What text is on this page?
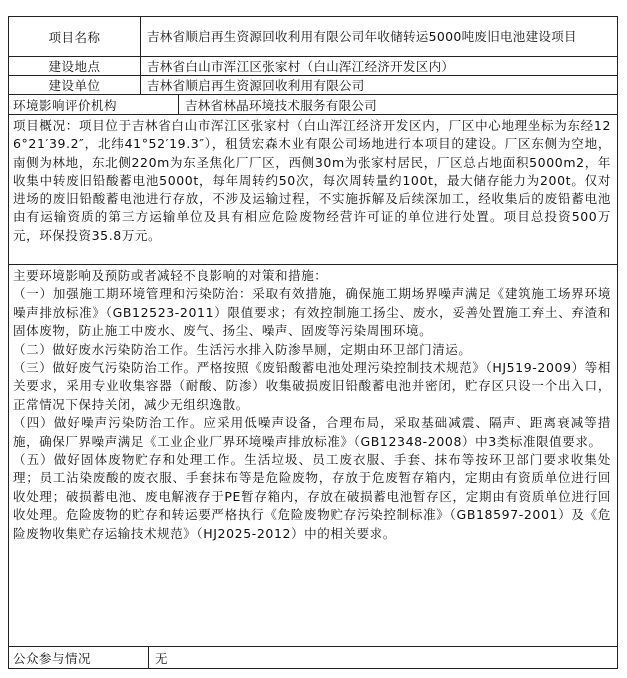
项目名称	吉林省顺启再生资源回收利用有限公司年收储转运5000吨废旧电池建设项目
建设地点	吉林省白山市浑江区张家村（白山浑江经济开发区内）
建设单位	吉林省顺启再生资源回收利用有限公司
环境影响评价机构	吉林省林晶环境技术服务有限公司
项目概况：项目位于吉林省白山市浑江区张家村（白山浑江经济开发区内，厂区中心地理坐标为东经126°21′39.2″，北纬41°52′19.3″），租赁宏森木业有限公司场地进行本项目的建设。厂区东侧为空地，南侧为林地，东北侧220m为东圣焦化厂厂区，西侧30m为张家村居民，厂区总占地面积5000m2，年收集中转废旧铅酸蓄电池5000t，每年周转约50次，每次周转量约100t，最大储存能力为200t。仅对进场的废旧铅酸蓄电池进行存放，不涉及运输过程，不实施拆解及后续深加工，经收集后的废铅蓄电池由有运输资质的第三方运输单位及具有相应危险废物经营许可证的单位进行处置。项目总投资500万元，环保投资35.8万元。
主要环境影响及预防或者减轻不良影响的对策和措施：
（一）加强施工期环境管理和污染防治：采取有效措施，确保施工期场界噪声满足《建筑施工场界环境噪声排放标准》（GB12523-2011）限值要求；有效控制施工扬尘、废水，妥善处置施工弃土、弃渣和固体废物，防止施工中废水、废气、扬尘、噪声、固废等污染周围环境。
（二）做好废水污染防治工作。生活污水排入防渗旱厕，定期由环卫部门清运。
（三）做好废气污染防治工作。严格按照《废铅酸蓄电池处理污染控制技术规范》（HJ519-2009）等相关要求，采用专业收集容器（耐酸、防渗）收集破损废旧铅酸蓄电池并密闭，贮存区只设一个出入口，正常情况下保持关闭，减少无组织逸散。
（四）做好噪声污染防治工作。应采用低噪声设备，合理布局，采取基础减震、隔声、距离衰减等措施，确保厂界噪声满足《工业企业厂界环境噪声排放标准》（GB12348-2008）中3类标准限值要求。
（五）做好固体废物贮存和处理工作。生活垃圾、员工废衣服、手套、抹布等按环卫部门要求收集处理；员工沾染废酸的废衣服、手套抹布等是危险废物，存放于危废暂存箱内，定期由有资质单位进行回收处理；破损蓄电池、废电解液存于PE暂存箱内，存放在破损蓄电池暂存区，定期由有资质单位进行回收处理。危险废物的贮存和转运要严格执行《危险废物贮存污染控制标准》（GB18597-2001）及《危险废物收集贮存运输技术规范》（HJ2025-2012）中的相关要求。
公众参与情况	无
